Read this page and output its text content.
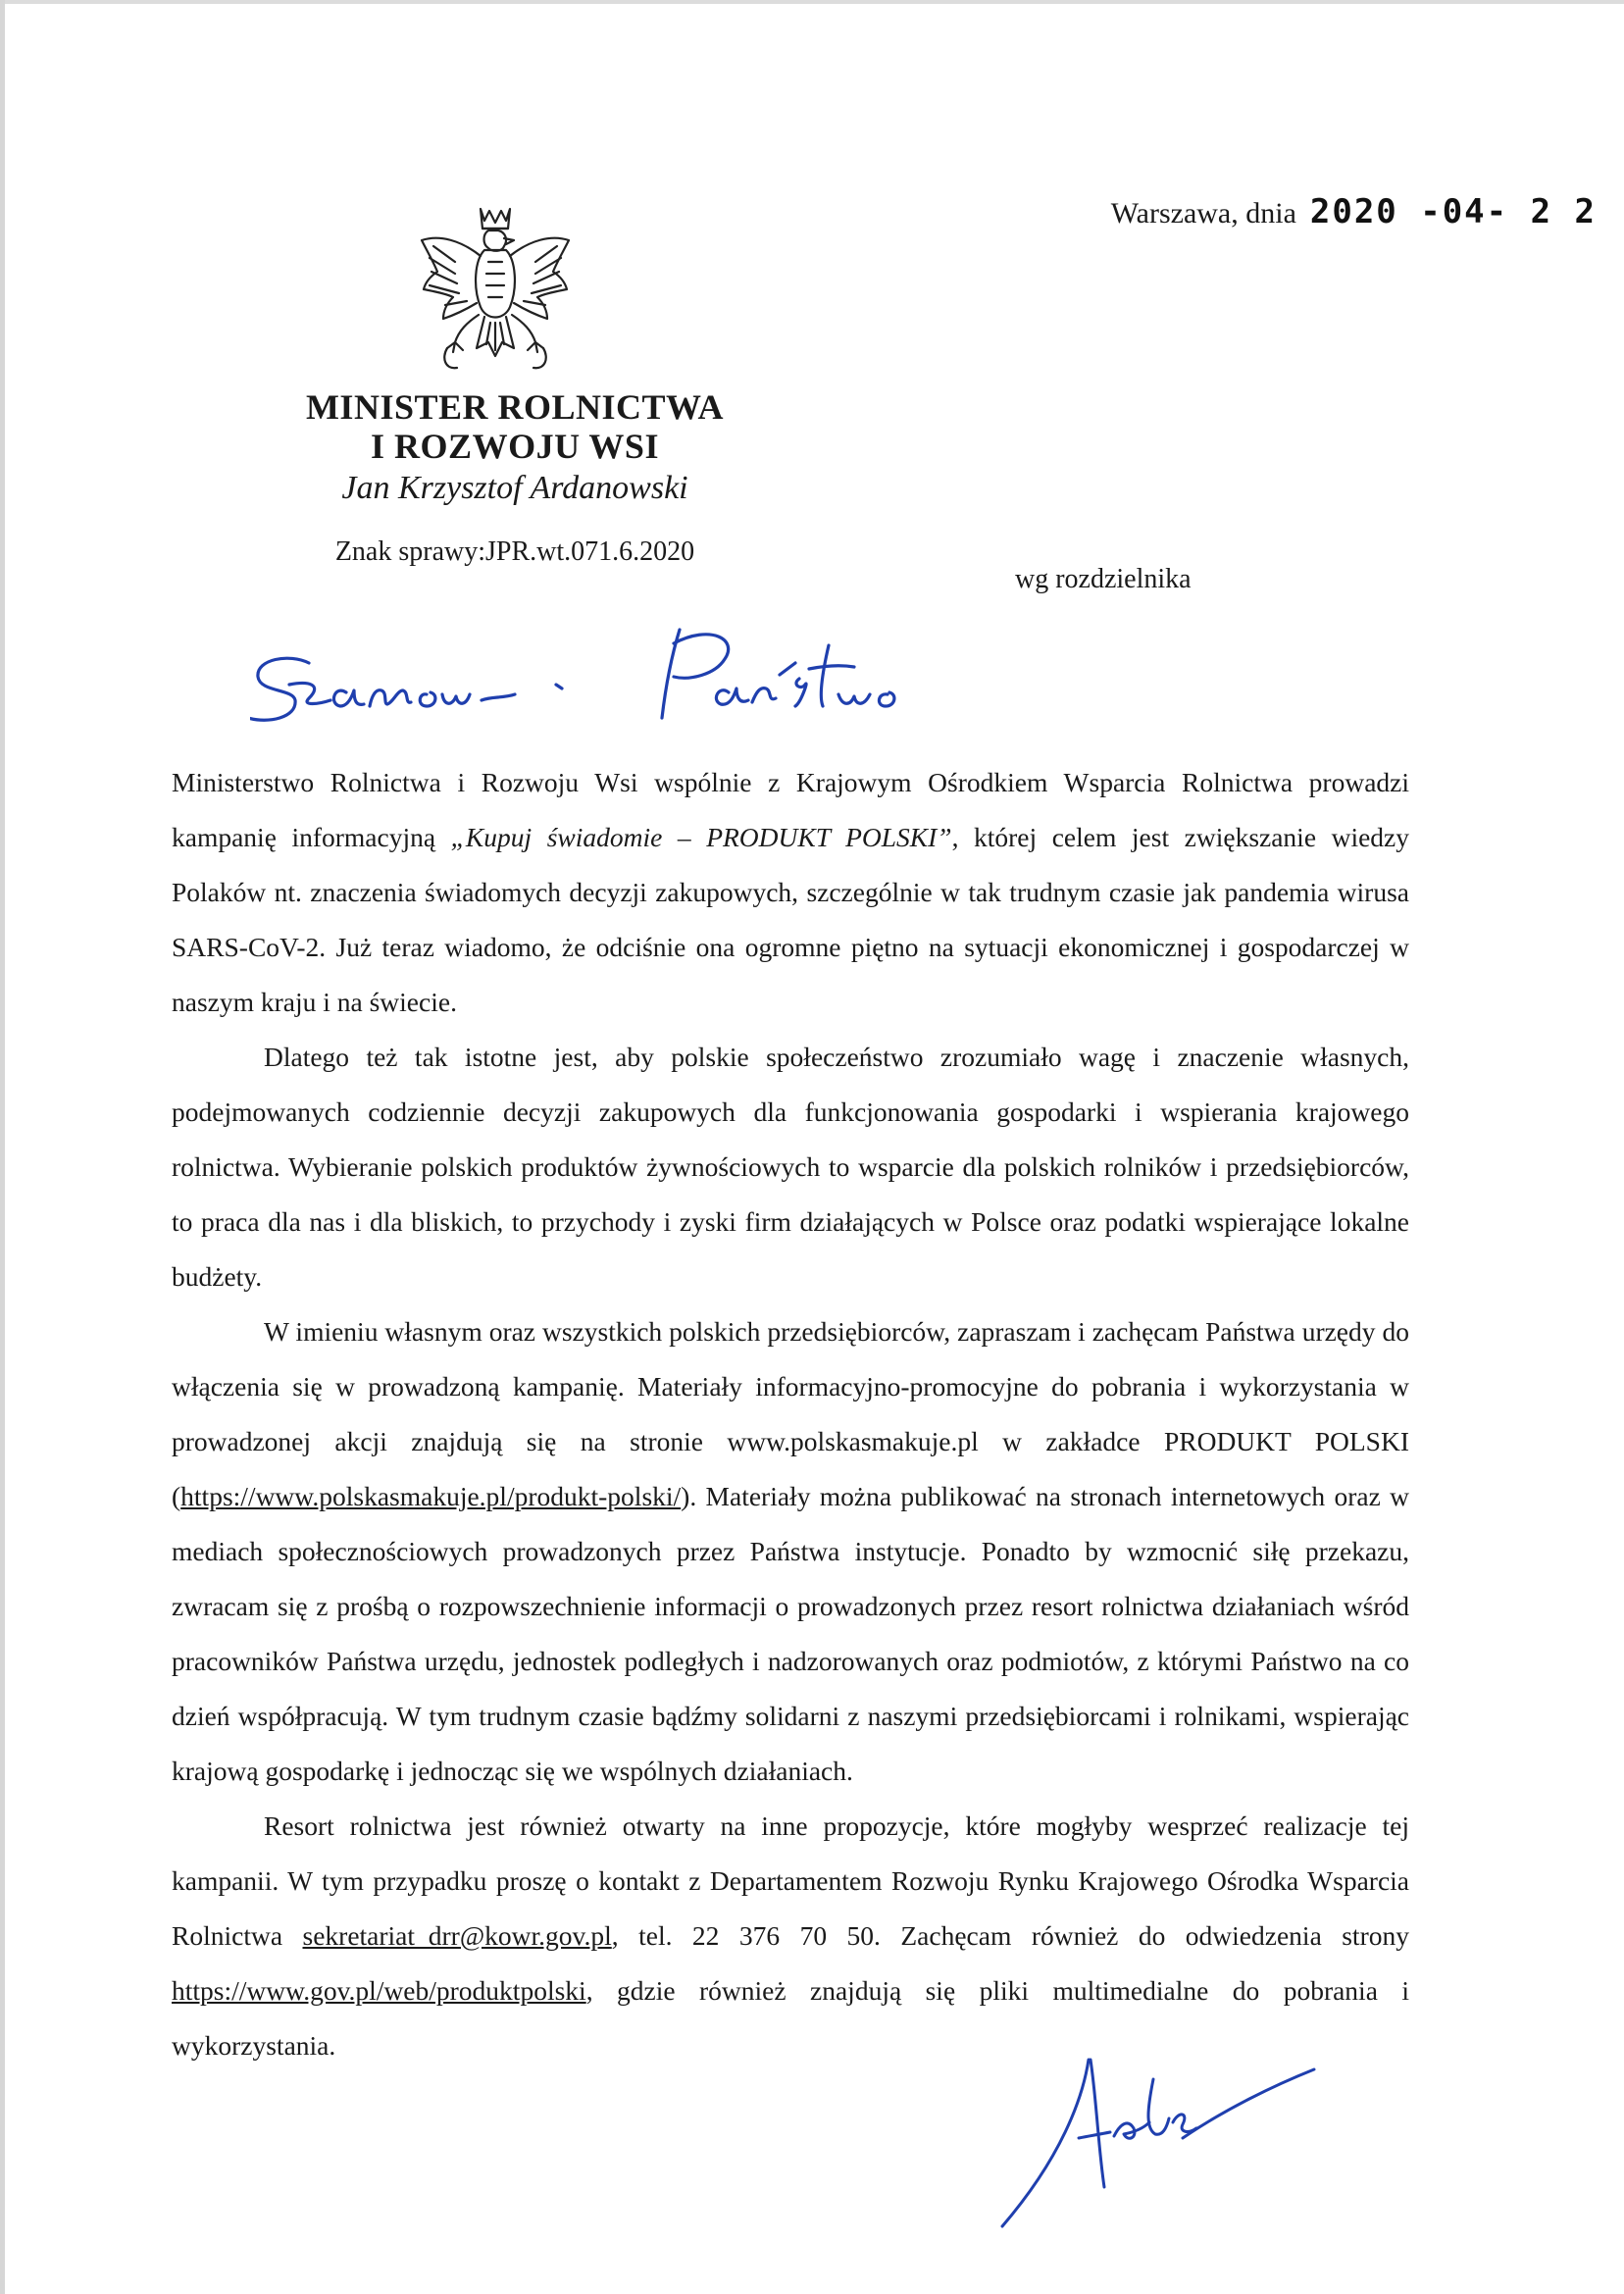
Warszawa, dnia 2020 -04- 2 2
MINISTER ROLNICTWA
I ROZWOJU WSI
Jan Krzysztof Ardanowski
Znak sprawy:JPR.wt.071.6.2020
wg rozdzielnika

Ministerstwo Rolnictwa i Rozwoju Wsi wspólnie z Krajowym Ośrodkiem Wsparcia Rolnictwa prowadzi kampanię informacyjną „Kupuj świadomie – PRODUKT POLSKI”, której celem jest zwiększanie wiedzy Polaków nt. znaczenia świadomych decyzji zakupowych, szczególnie w tak trudnym czasie jak pandemia wirusa SARS-CoV-2. Już teraz wiadomo, że odciśnie ona ogromne piętno na sytuacji ekonomicznej i gospodarczej w naszym kraju i na świecie.

Dlatego też tak istotne jest, aby polskie społeczeństwo zrozumiało wagę i znaczenie własnych, podejmowanych codziennie decyzji zakupowych dla funkcjonowania gospodarki i wspierania krajowego rolnictwa. Wybieranie polskich produktów żywnościowych to wsparcie dla polskich rolników i przedsiębiorców, to praca dla nas i dla bliskich, to przychody i zyski firm działających w Polsce oraz podatki wspierające lokalne budżety.

W imieniu własnym oraz wszystkich polskich przedsiębiorców, zapraszam i zachęcam Państwa urzędy do włączenia się w prowadzoną kampanię. Materiały informacyjno-promocyjne do pobrania i wykorzystania w prowadzonej akcji znajdują się na stronie www.polskasmakuje.pl w zakładce PRODUKT POLSKI (https://www.polskasmakuje.pl/produkt-polski/). Materiały można publikować na stronach internetowych oraz w mediach społecznościowych prowadzonych przez Państwa instytucje. Ponadto by wzmocnić siłę przekazu, zwracam się z prośbą o rozpowszechnienie informacji o prowadzonych przez resort rolnictwa działaniach wśród pracowników Państwa urzędu, jednostek podległych i nadzorowanych oraz podmiotów, z którymi Państwo na co dzień współpracują. W tym trudnym czasie bądźmy solidarni z naszymi przedsiębiorcami i rolnikami, wspierając krajową gospodarkę i jednocząc się we wspólnych działaniach.

Resort rolnictwa jest również otwarty na inne propozycje, które mogłyby wesprzeć realizacje tej kampanii. W tym przypadku proszę o kontakt z Departamentem Rozwoju Rynku Krajowego Ośrodka Wsparcia Rolnictwa sekretariat_drr@kowr.gov.pl, tel. 22 376 70 50. Zachęcam również do odwiedzenia strony https://www.gov.pl/web/produktpolski, gdzie również znajdują się pliki multimedialne do pobrania i wykorzystania.
